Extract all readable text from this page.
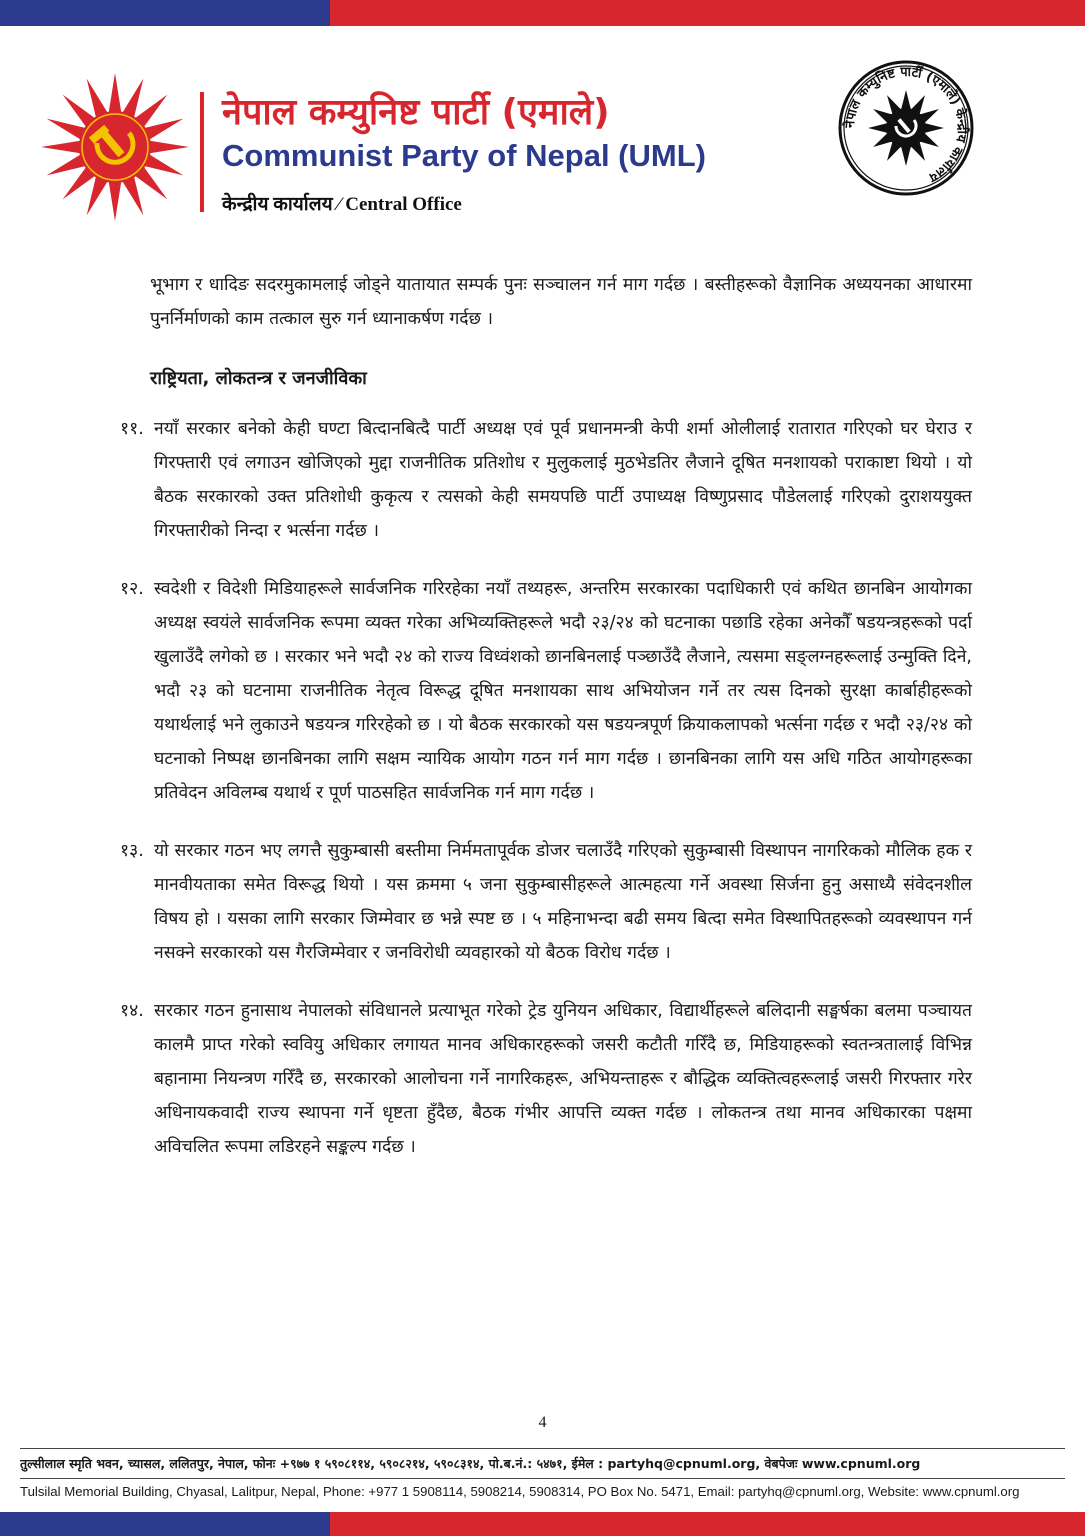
नेपाल कम्युनिष्ट पार्टी (एमाले)
Communist Party of Nepal (UML)
केन्द्रीय कार्यालय ⁄ Central Office
नेपाल कम्युनिष्ट पार्टी (एमाले) केन्द्रीय कार्यालय

भूभाग र धादिङ सदरमुकामलाई जोड्ने यातायात सम्पर्क पुनः सञ्चालन गर्न माग गर्दछ । बस्तीहरूको वैज्ञानिक अध्ययनका आधारमा पुनर्निर्माणको काम तत्काल सुरु गर्न ध्यानाकर्षण गर्दछ ।

राष्ट्रियता, लोकतन्त्र र जनजीविका

११. नयाँ सरकार बनेको केही घण्टा बित्दानबित्दै पार्टी अध्यक्ष एवं पूर्व प्रधानमन्त्री केपी शर्मा ओलीलाई रातारात गरिएको घर घेराउ र गिरफ्तारी एवं लगाउन खोजिएको मुद्दा राजनीतिक प्रतिशोध र मुलुकलाई मुठभेडतिर लैजाने दूषित मनशायको पराकाष्टा थियो । यो बैठक सरकारको उक्त प्रतिशोधी कुकृत्य र त्यसको केही समयपछि पार्टी उपाध्यक्ष विष्णुप्रसाद पौडेललाई गरिएको दुराशययुक्त गिरफ्तारीको निन्दा र भर्त्सना गर्दछ ।
१२. स्वदेशी र विदेशी मिडियाहरूले सार्वजनिक गरिरहेका नयाँ तथ्यहरू, अन्तरिम सरकारका पदाधिकारी एवं कथित छानबिन आयोगका अध्यक्ष स्वयंले सार्वजनिक रूपमा व्यक्त गरेका अभिव्यक्तिहरूले भदौ २३/२४ को घटनाका पछाडि रहेका अनेकौँ षडयन्त्रहरूको पर्दा खुलाउँदै लगेको छ । सरकार भने भदौ २४ को राज्य विध्वंशको छानबिनलाई पञ्छाउँदै लैजाने, त्यसमा सङ्लग्नहरूलाई उन्मुक्ति दिने, भदौ २३ को घटनामा राजनीतिक नेतृत्व विरूद्ध दूषित मनशायका साथ अभियोजन गर्ने तर त्यस दिनको सुरक्षा कार्बाहीहरूको यथार्थलाई भने लुकाउने षडयन्त्र गरिरहेको छ । यो बैठक सरकारको यस षडयन्त्रपूर्ण क्रियाकलापको भर्त्सना गर्दछ र भदौ २३/२४ को घटनाको निष्पक्ष छानबिनका लागि सक्षम न्यायिक आयोग गठन गर्न माग गर्दछ । छानबिनका लागि यस अधि गठित आयोगहरूका प्रतिवेदन अविलम्ब यथार्थ र पूर्ण पाठसहित सार्वजनिक गर्न माग गर्दछ ।
१३. यो सरकार गठन भए लगत्तै सुकुम्बासी बस्तीमा निर्ममतापूर्वक डोजर चलाउँदै गरिएको सुकुम्बासी विस्थापन नागरिकको मौलिक हक र मानवीयताका समेत विरूद्ध थियो । यस क्रममा ५ जना सुकुम्बासीहरूले आत्महत्या गर्ने अवस्था सिर्जना हुनु असाध्यै संवेदनशील विषय हो । यसका लागि सरकार जिम्मेवार छ भन्ने स्पष्ट छ । ५ महिनाभन्दा बढी समय बित्दा समेत विस्थापितहरूको व्यवस्थापन गर्न नसक्ने सरकारको यस गैरजिम्मेवार र जनविरोधी व्यवहारको यो बैठक विरोध गर्दछ ।
१४. सरकार गठन हुनासाथ नेपालको संविधानले प्रत्याभूत गरेको ट्रेड युनियन अधिकार, विद्यार्थीहरूले बलिदानी सङ्घर्षका बलमा पञ्चायत कालमै प्राप्त गरेको स्ववियु अधिकार लगायत मानव अधिकारहरूको जसरी कटौती गरिँदै छ, मिडियाहरूको स्वतन्त्रतालाई विभिन्न बहानामा नियन्त्रण गरिँदै छ, सरकारको आलोचना गर्ने नागरिकहरू, अभियन्ताहरू र बौद्धिक व्यक्तित्वहरूलाई जसरी गिरफ्तार गरेर अधिनायकवादी राज्य स्थापना गर्ने धृष्टता हुँदैछ, बैठक गंभीर आपत्ति व्यक्त गर्दछ । लोकतन्त्र तथा मानव अधिकारका पक्षमा अविचलित रूपमा लडिरहने सङ्कल्प गर्दछ ।
4
तुल्सीलाल स्मृति भवन, च्यासल, ललितपुर, नेपाल, फोनः +९७७ १ ५९०८११४, ५९०८२१४, ५९०८३१४, पो.ब.नं.: ५४७१, ईमेल : partyhq@cpnuml.org, वेबपेजः www.cpnuml.org
Tulsilal Memorial Building, Chyasal, Lalitpur, Nepal, Phone: +977 1 5908114, 5908214, 5908314, PO Box No. 5471, Email: partyhq@cpnuml.org, Website: www.cpnuml.org
